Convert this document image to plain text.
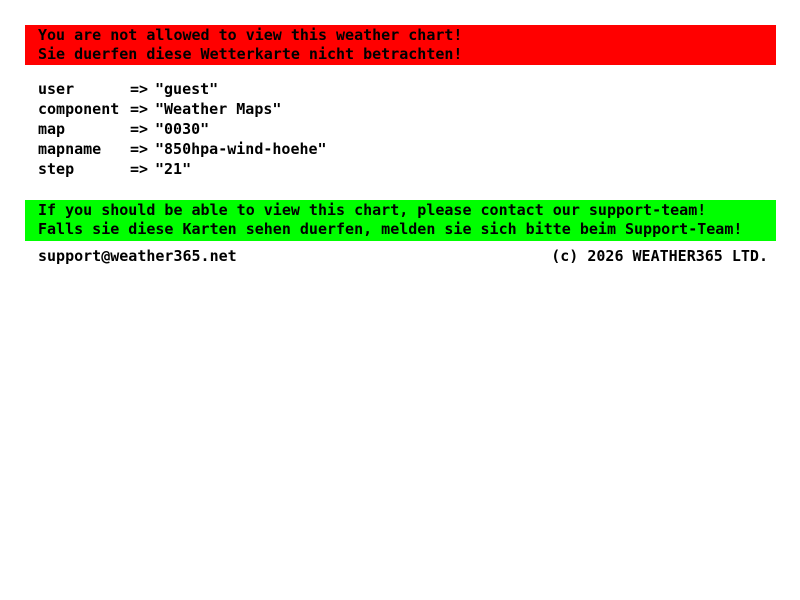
You are not allowed to view this weather chart!
Sie duerfen diese Wetterkarte nicht betrachten!
user	=> "guest"
component => "Weather Maps"
map	=> "0030"
mapname	=> "850hpa-wind-hoehe"
step	=> "21"
If you should be able to view this chart, please contact our support-team!
Falls sie diese Karten sehen duerfen, melden sie sich bitte beim Support-Team!
support@weather365.net	(c) 2026 WEATHER365 LTD.
